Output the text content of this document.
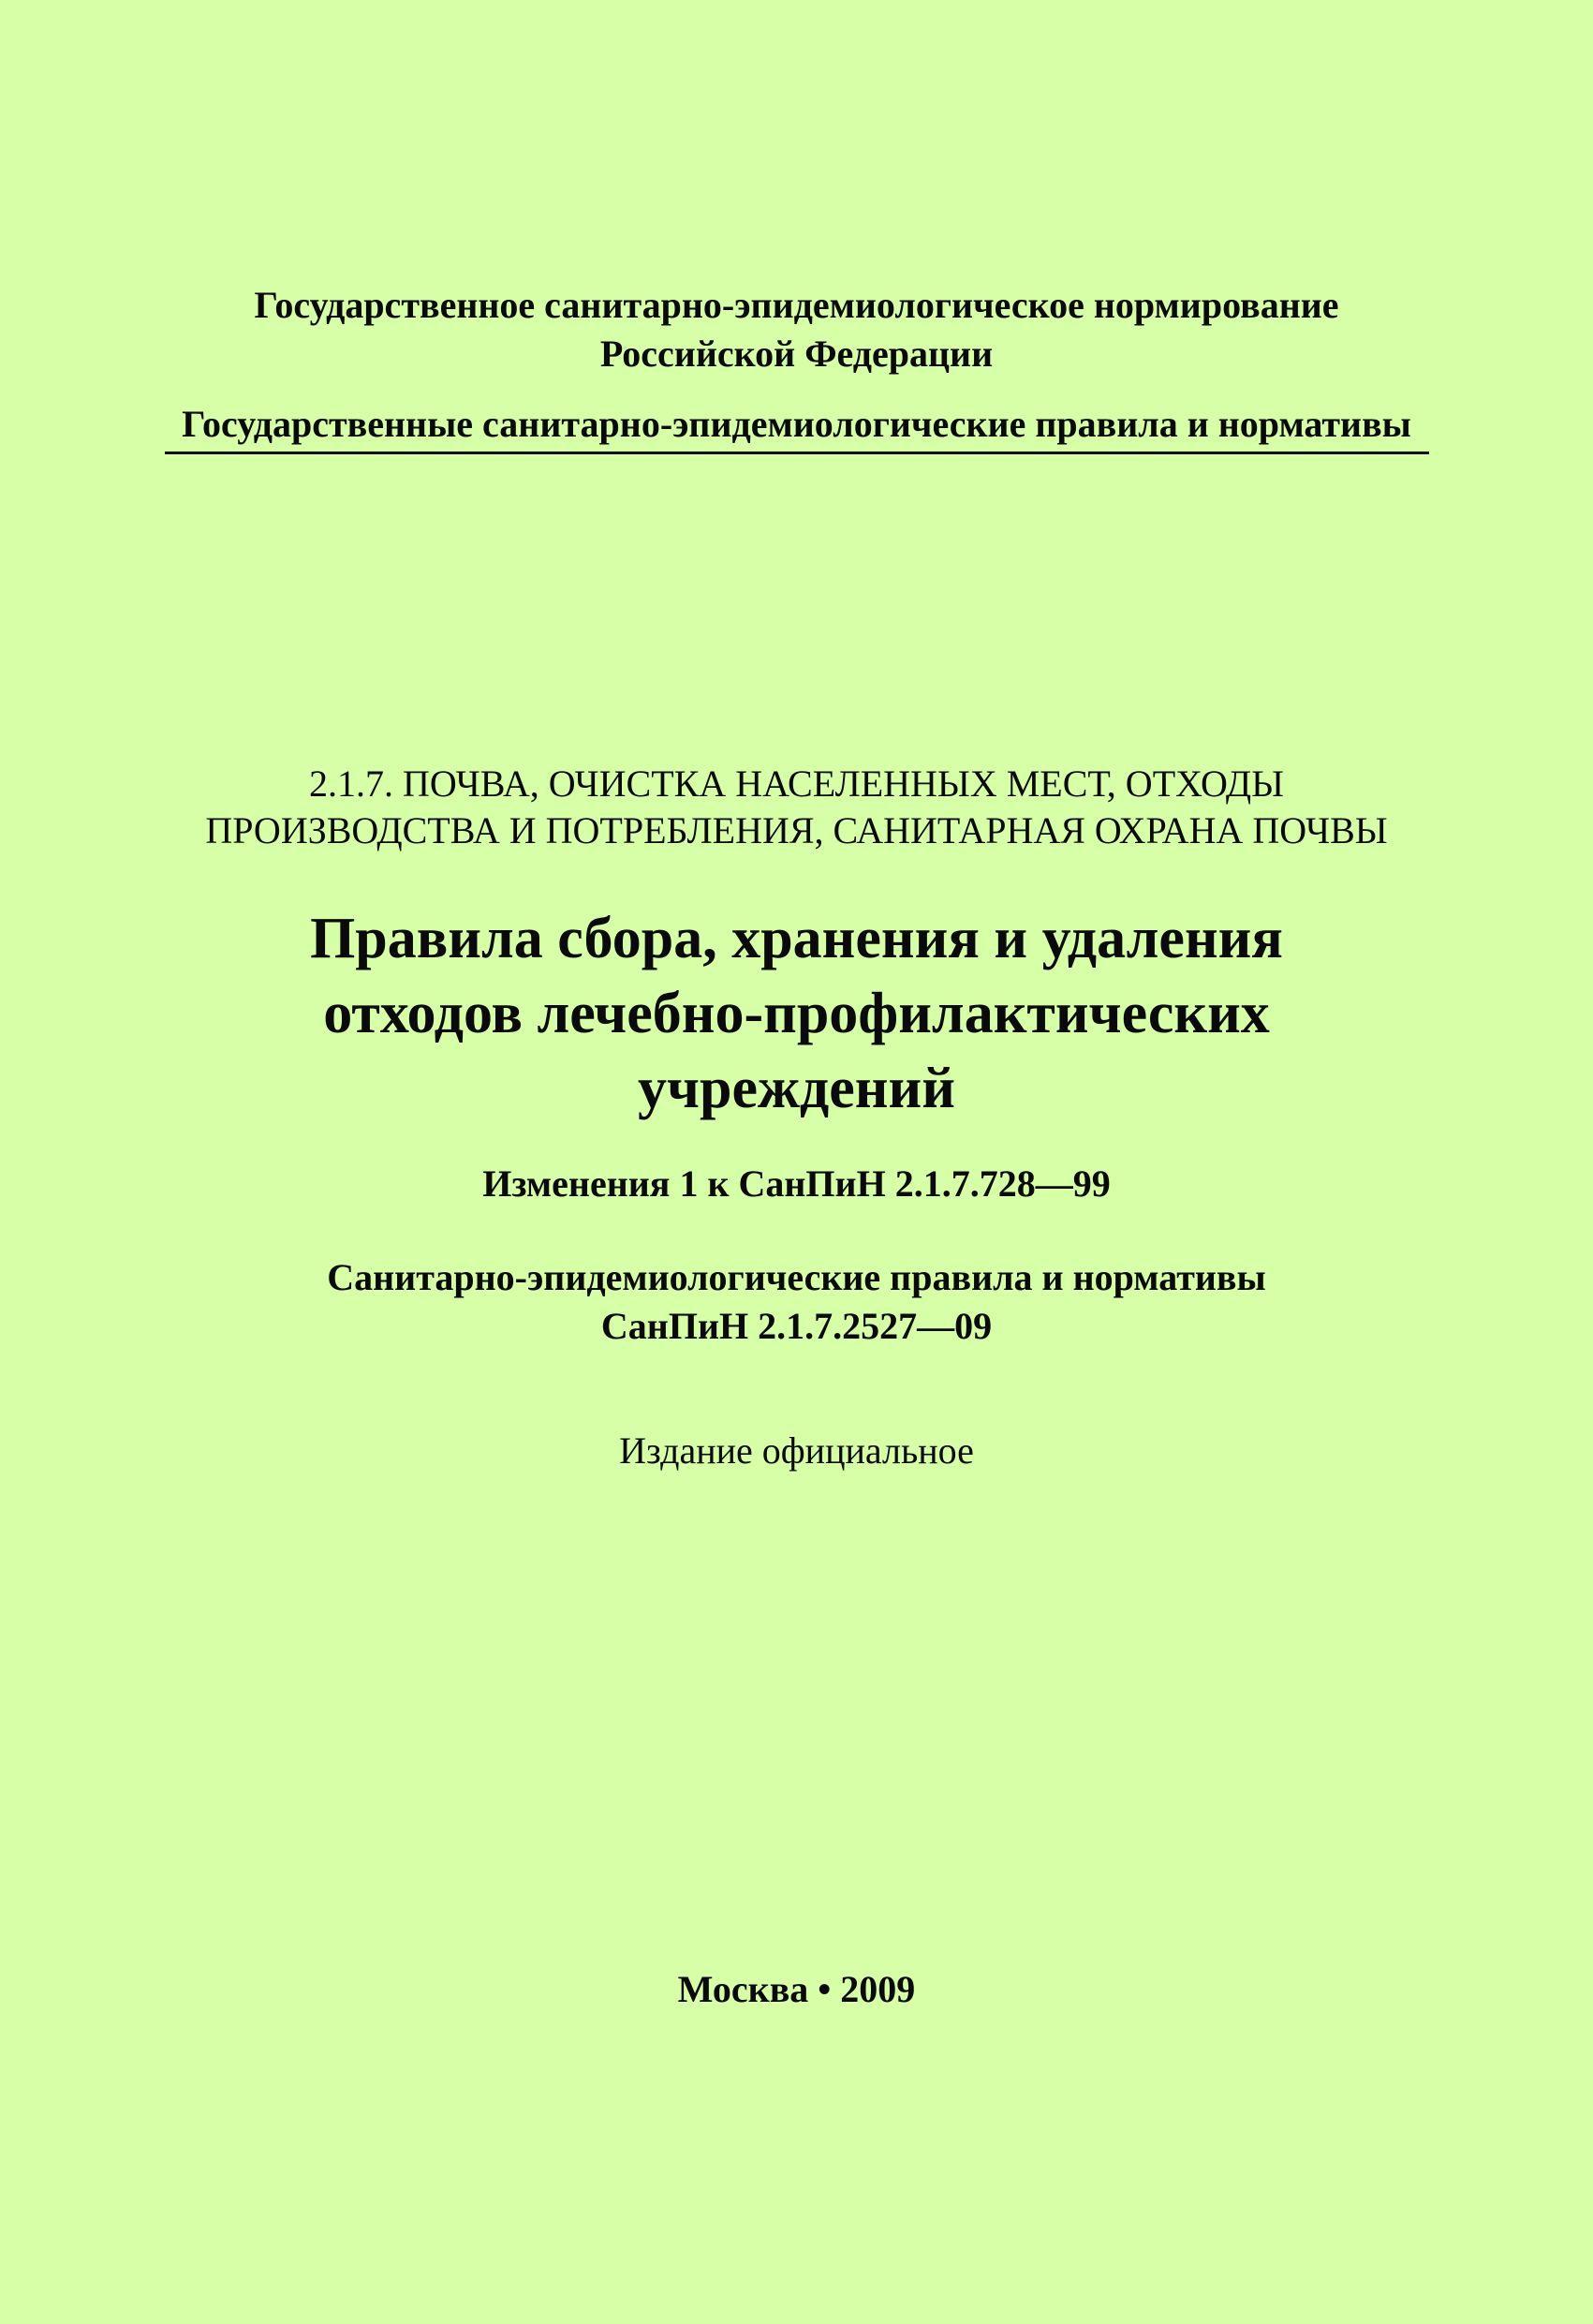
Государственное санитарно-эпидемиологическое нормирование
Российской Федерации
Государственные санитарно-эпидемиологические правила и нормативы
2.1.7. ПОЧВА, ОЧИСТКА НАСЕЛЕННЫХ МЕСТ, ОТХОДЫ
ПРОИЗВОДСТВА И ПОТРЕБЛЕНИЯ, САНИТАРНАЯ ОХРАНА ПОЧВЫ
Правила сбора, хранения и удаления
отходов лечебно-профилактических
учреждений
Изменения 1 к СанПиН 2.1.7.728—99
Санитарно-эпидемиологические правила и нормативы
СанПиН 2.1.7.2527—09
Издание официальное
Москва • 2009
